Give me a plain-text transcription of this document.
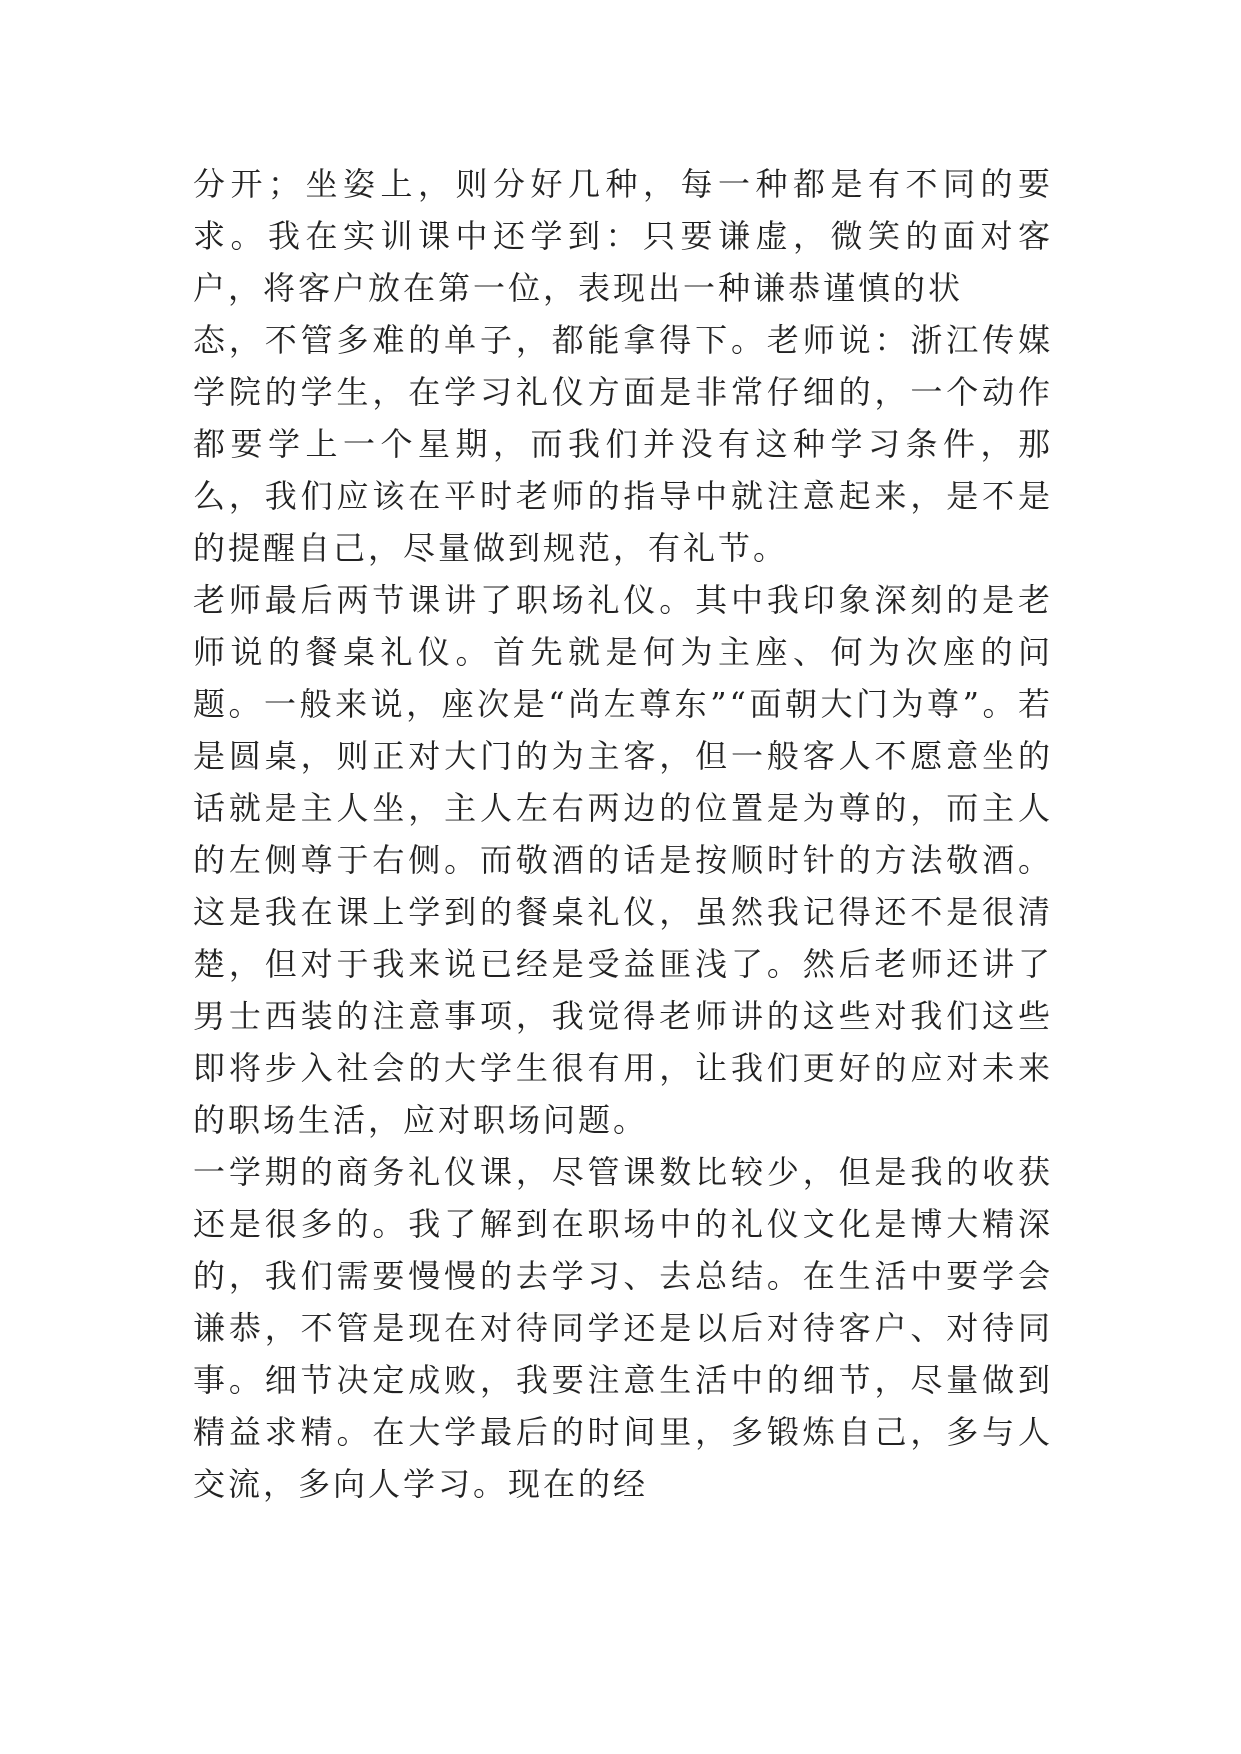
分开；坐姿上，则分好几种，每一种都是有不同的要求。我在实训课中还学到：只要谦虚，微笑的面对客户，将客户放在第一位，表现出一种谦恭谨慎的状

态，不管多难的单子，都能拿得下。老师说：浙江传媒学院的学生，在学习礼仪方面是非常仔细的，一个动作都要学上一个星期，而我们并没有这种学习条件，那么，我们应该在平时老师的指导中就注意起来，是不是的提醒自己，尽量做到规范，有礼节。

老师最后两节课讲了职场礼仪。其中我印象深刻的是老师说的餐桌礼仪。首先就是何为主座、何为次座的问题。一般来说，座次是“尚左尊东”“面朝大门为尊”。若是圆桌，则正对大门的为主客，但一般客人不愿意坐的话就是主人坐，主人左右两边的位置是为尊的，而主人的左侧尊于右侧。而敬酒的话是按顺时针的方法敬酒。这是我在课上学到的餐桌礼仪，虽然我记得还不是很清楚，但对于我来说已经是受益匪浅了。然后老师还讲了男士西装的注意事项，我觉得老师讲的这些对我们这些即将步入社会的大学生很有用，让我们更好的应对未来的职场生活，应对职场问题。

一学期的商务礼仪课，尽管课数比较少，但是我的收获还是很多的。我了解到在职场中的礼仪文化是博大精深的，我们需要慢慢的去学习、去总结。在生活中要学会谦恭，不管是现在对待同学还是以后对待客户、对待同事。细节决定成败，我要注意生活中的细节，尽量做到精益求精。在大学最后的时间里，多锻炼自己，多与人交流，多向人学习。现在的经
